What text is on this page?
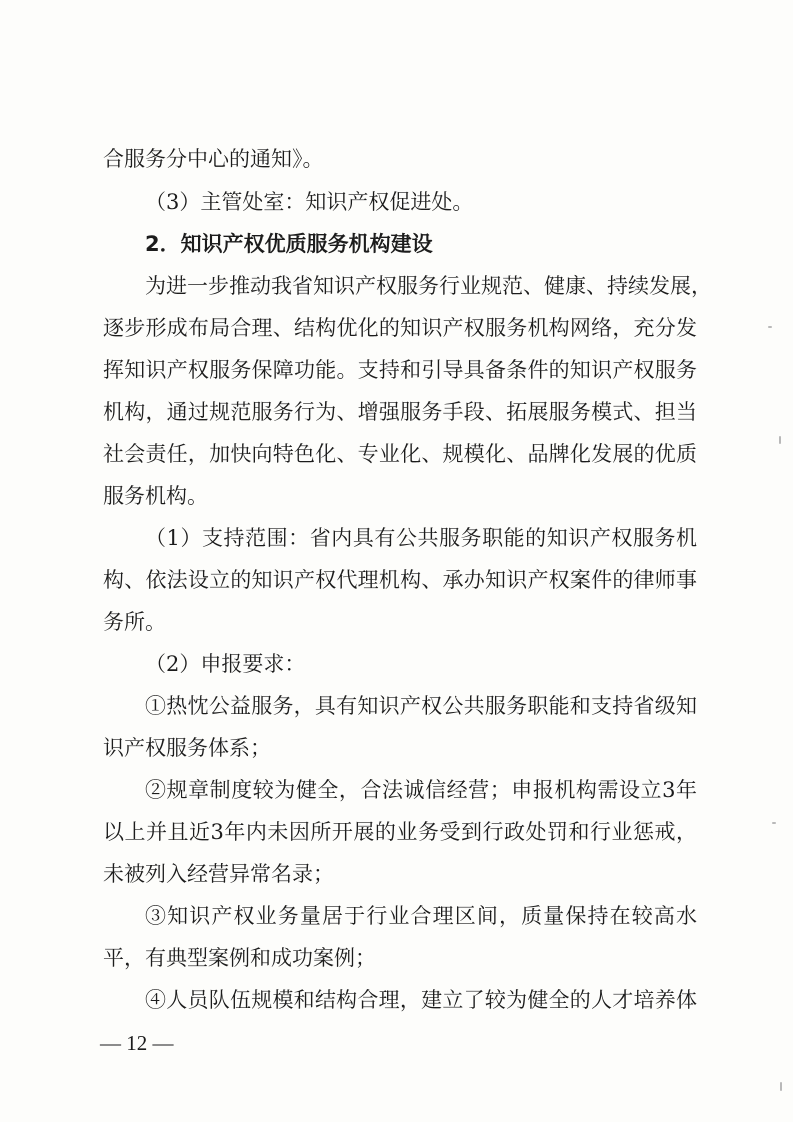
合服务分中心的通知》。
（3）主管处室：知识产权促进处。
2．知识产权优质服务机构建设
为进一步推动我省知识产权服务行业规范、健康、持续发展，
逐步形成布局合理、结构优化的知识产权服务机构网络，充分发
挥知识产权服务保障功能。支持和引导具备条件的知识产权服务
机构，通过规范服务行为、增强服务手段、拓展服务模式、担当
社会责任，加快向特色化、专业化、规模化、品牌化发展的优质
服务机构。
（1）支持范围：省内具有公共服务职能的知识产权服务机
构、依法设立的知识产权代理机构、承办知识产权案件的律师事
务所。
（2）申报要求：
①热忱公益服务，具有知识产权公共服务职能和支持省级知
识产权服务体系；
②规章制度较为健全，合法诚信经营；申报机构需设立3年
以上并且近3年内未因所开展的业务受到行政处罚和行业惩戒，
未被列入经营异常名录；
③知识产权业务量居于行业合理区间，质量保持在较高水
平，有典型案例和成功案例；
④人员队伍规模和结构合理，建立了较为健全的人才培养体
— 12 —
